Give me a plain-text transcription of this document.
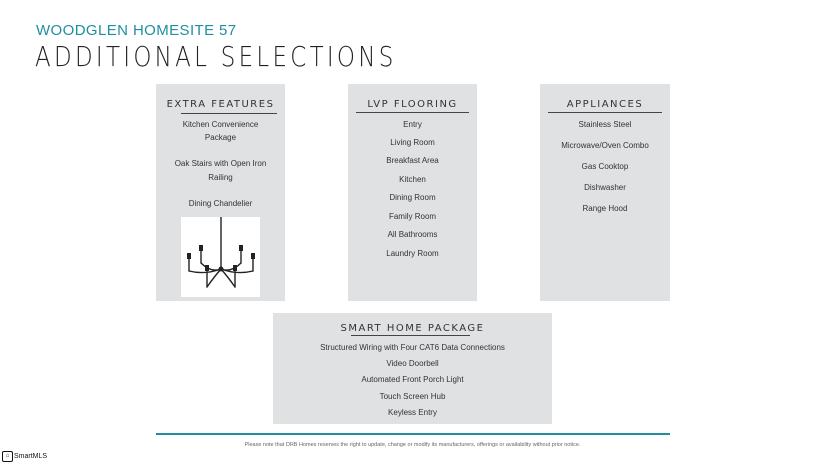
WOODGLEN HOMESITE 57
ADDITIONAL SELECTIONS
EXTRA FEATURES
Kitchen Convenience
Package
Oak Stairs with Open Iron
Railing
Dining Chandelier
LVP FLOORING
Entry
Living Room
Breakfast Area
Kitchen
Dining Room
Family Room
All Bathrooms
Laundry Room
APPLIANCES
Stainless Steel
Microwave/Oven Combo
Gas Cooktop
Dishwasher
Range Hood
SMART HOME PACKAGE
Structured Wiring with Four CAT6 Data Connections
Video Doorbell
Automated Front Porch Light
Touch Screen Hub
Keyless Entry
Please note that DRB Homes reserves the right to update, change or modify its manufacturers, offerings or availability without prior notice.
⌂ SmartMLS
